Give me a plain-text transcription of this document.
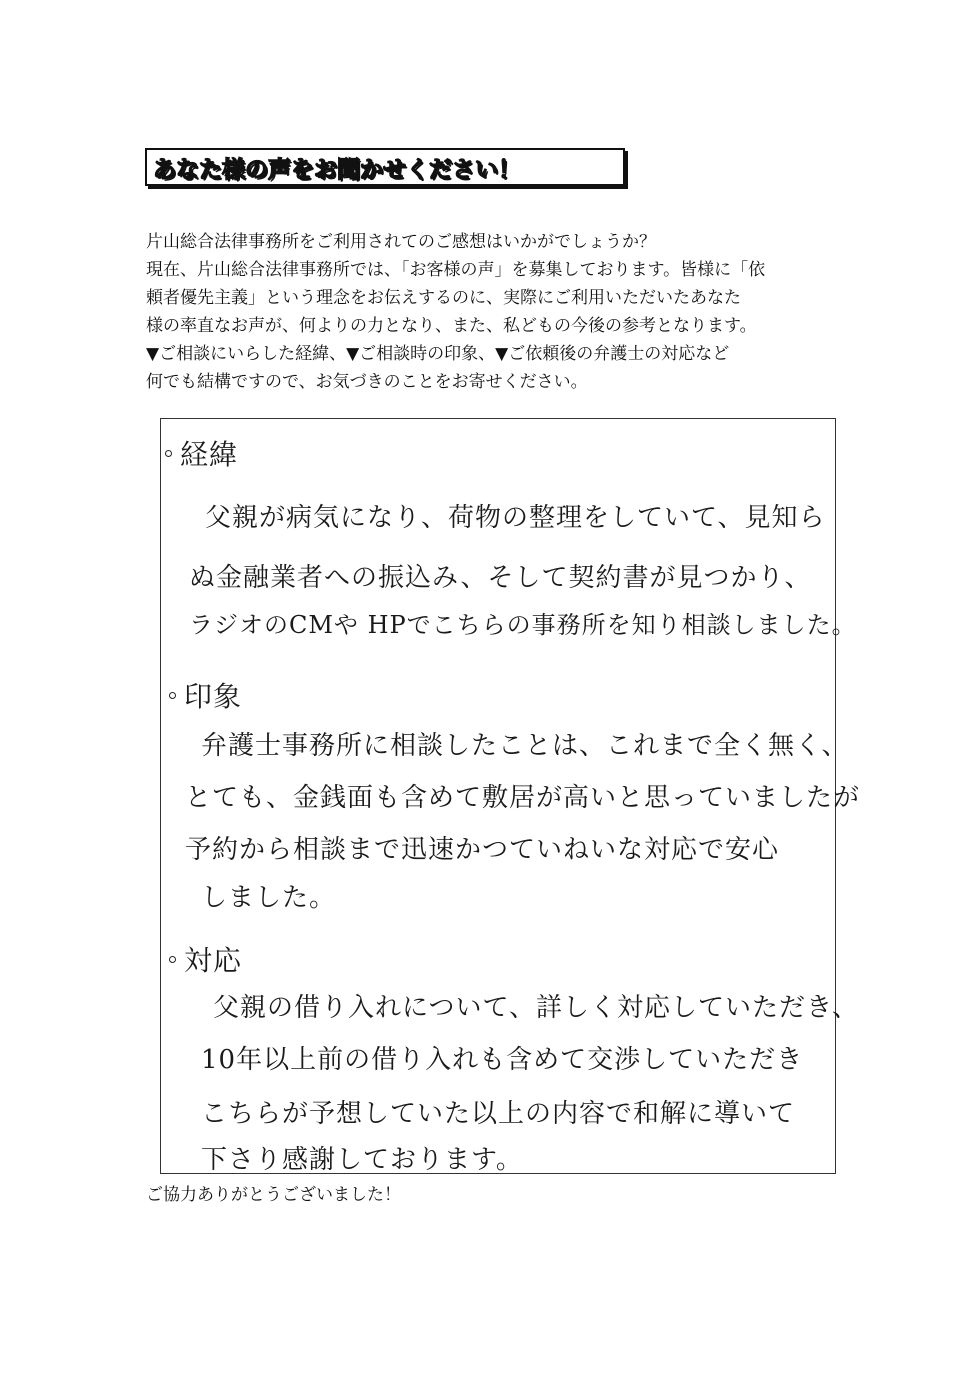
あなた様の声をお聞かせください！
片山総合法律事務所をご利用されてのご感想はいかがでしょうか？
現在、片山総合法律事務所では、「お客様の声」を募集しております。皆様に「依
頼者優先主義」という理念をお伝えするのに、実際にご利用いただいたあなた
様の率直なお声が、何よりの力となり、また、私どもの今後の参考となります。
▼ご相談にいらした経緯、▼ご相談時の印象、▼ご依頼後の弁護士の対応など
何でも結構ですので、お気づきのことをお寄せください。
経緯
父親が病気になり、荷物の整理をしていて、見知ら
ぬ金融業者への振込み、そして契約書が見つかり、
ラジオのCMや HPでこちらの事務所を知り相談しました。
印象
弁護士事務所に相談したことは、これまで全く無く、
とても、金銭面も含めて敷居が高いと思っていましたが
予約から相談まで迅速かつていねいな対応で安心
しました。
対応
父親の借り入れについて、詳しく対応していただき、
10年以上前の借り入れも含めて交渉していただき
こちらが予想していた以上の内容で和解に導いて
下さり感謝しております。
ご協力ありがとうございました！
